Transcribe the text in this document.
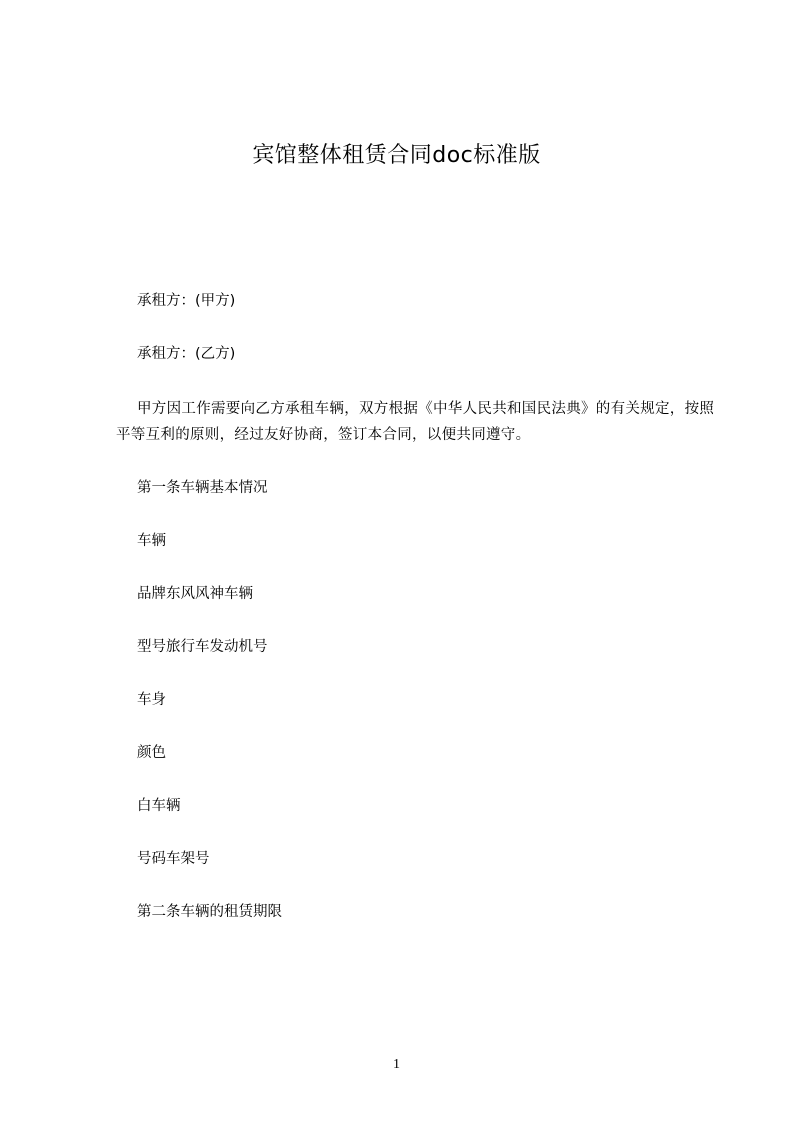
宾馆整体租赁合同doc标准版
承租方：(甲方)
承租方：(乙方)
甲方因工作需要向乙方承租车辆，双方根据《中华人民共和国民法典》的有关规定，按照平等互利的原则，经过友好协商，签订本合同，以便共同遵守。
第一条车辆基本情况
车辆
品牌东风风神车辆
型号旅行车发动机号
车身
颜色
白车辆
号码车架号
第二条车辆的租赁期限
1
